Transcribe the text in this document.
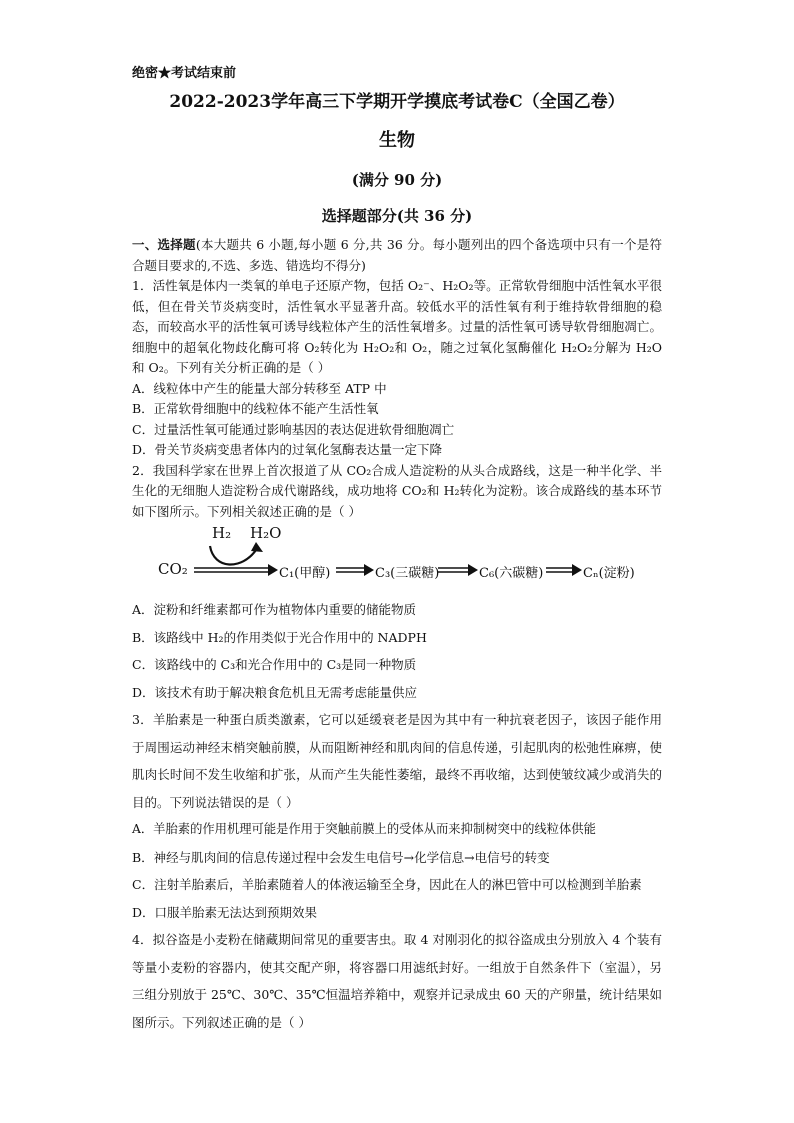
绝密★考试结束前
2022-2023学年高三下学期开学摸底考试卷C（全国乙卷）
生物
(满分 90 分)
选择题部分(共 36 分)

一、选择题(本大题共 6 小题,每小题 6 分,共 36 分。每小题列出的四个备选项中只有一个是符合题目要求的,不选、多选、错选均不得分)

1．活性氧是体内一类氧的单电子还原产物，包括 O₂⁻、H₂O₂等。正常软骨细胞中活性氧水平很低，但在骨关节炎病变时，活性氧水平显著升高。较低水平的活性氧有利于维持软骨细胞的稳态，而较高水平的活性氧可诱导线粒体产生的活性氧增多。过量的活性氧可诱导软骨细胞凋亡。细胞中的超氧化物歧化酶可将 O₂转化为 H₂O₂和 O₂，随之过氧化氢酶催化 H₂O₂分解为 H₂O 和 O₂。下列有关分析正确的是（ ）

A．线粒体中产生的能量大部分转移至 ATP 中

B．正常软骨细胞中的线粒体不能产生活性氧

C．过量活性氧可能通过影响基因的表达促进软骨细胞凋亡

D．骨关节炎病变患者体内的过氧化氢酶表达量一定下降

2．我国科学家在世界上首次报道了从 CO₂合成人造淀粉的从头合成路线，这是一种半化学、半生化的无细胞人造淀粉合成代谢路线，成功地将 CO₂和 H₂转化为淀粉。该合成路线的基本环节如下图所示。下列相关叙述正确的是（ ）

H₂ H₂O
CO₂	C₁(甲醇)	C₃(三碳糖)	C₆(六碳糖)	Cₙ(淀粉)

A．淀粉和纤维素都可作为植物体内重要的储能物质

B．该路线中 H₂的作用类似于光合作用中的 NADPH

C．该路线中的 C₃和光合作用中的 C₃是同一种物质

D．该技术有助于解决粮食危机且无需考虑能量供应

3．羊胎素是一种蛋白质类激素，它可以延缓衰老是因为其中有一种抗衰老因子，该因子能作用于周围运动神经末梢突触前膜，从而阻断神经和肌肉间的信息传递，引起肌肉的松弛性麻痹，使肌肉长时间不发生收缩和扩张，从而产生失能性萎缩，最终不再收缩，达到使皱纹减少或消失的目的。下列说法错误的是（ ）

A．羊胎素的作用机理可能是作用于突触前膜上的受体从而来抑制树突中的线粒体供能

B．神经与肌肉间的信息传递过程中会发生电信号→化学信息→电信号的转变

C．注射羊胎素后，羊胎素随着人的体液运输至全身，因此在人的淋巴管中可以检测到羊胎素

D．口服羊胎素无法达到预期效果

4．拟谷盗是小麦粉在储藏期间常见的重要害虫。取 4 对刚羽化的拟谷盗成虫分别放入 4 个装有等量小麦粉的容器内，使其交配产卵，将容器口用滤纸封好。一组放于自然条件下（室温），另三组分别放于 25℃、30℃、35℃恒温培养箱中，观察并记录成虫 60 天的产卵量，统计结果如图所示。下列叙述正确的是（ ）
